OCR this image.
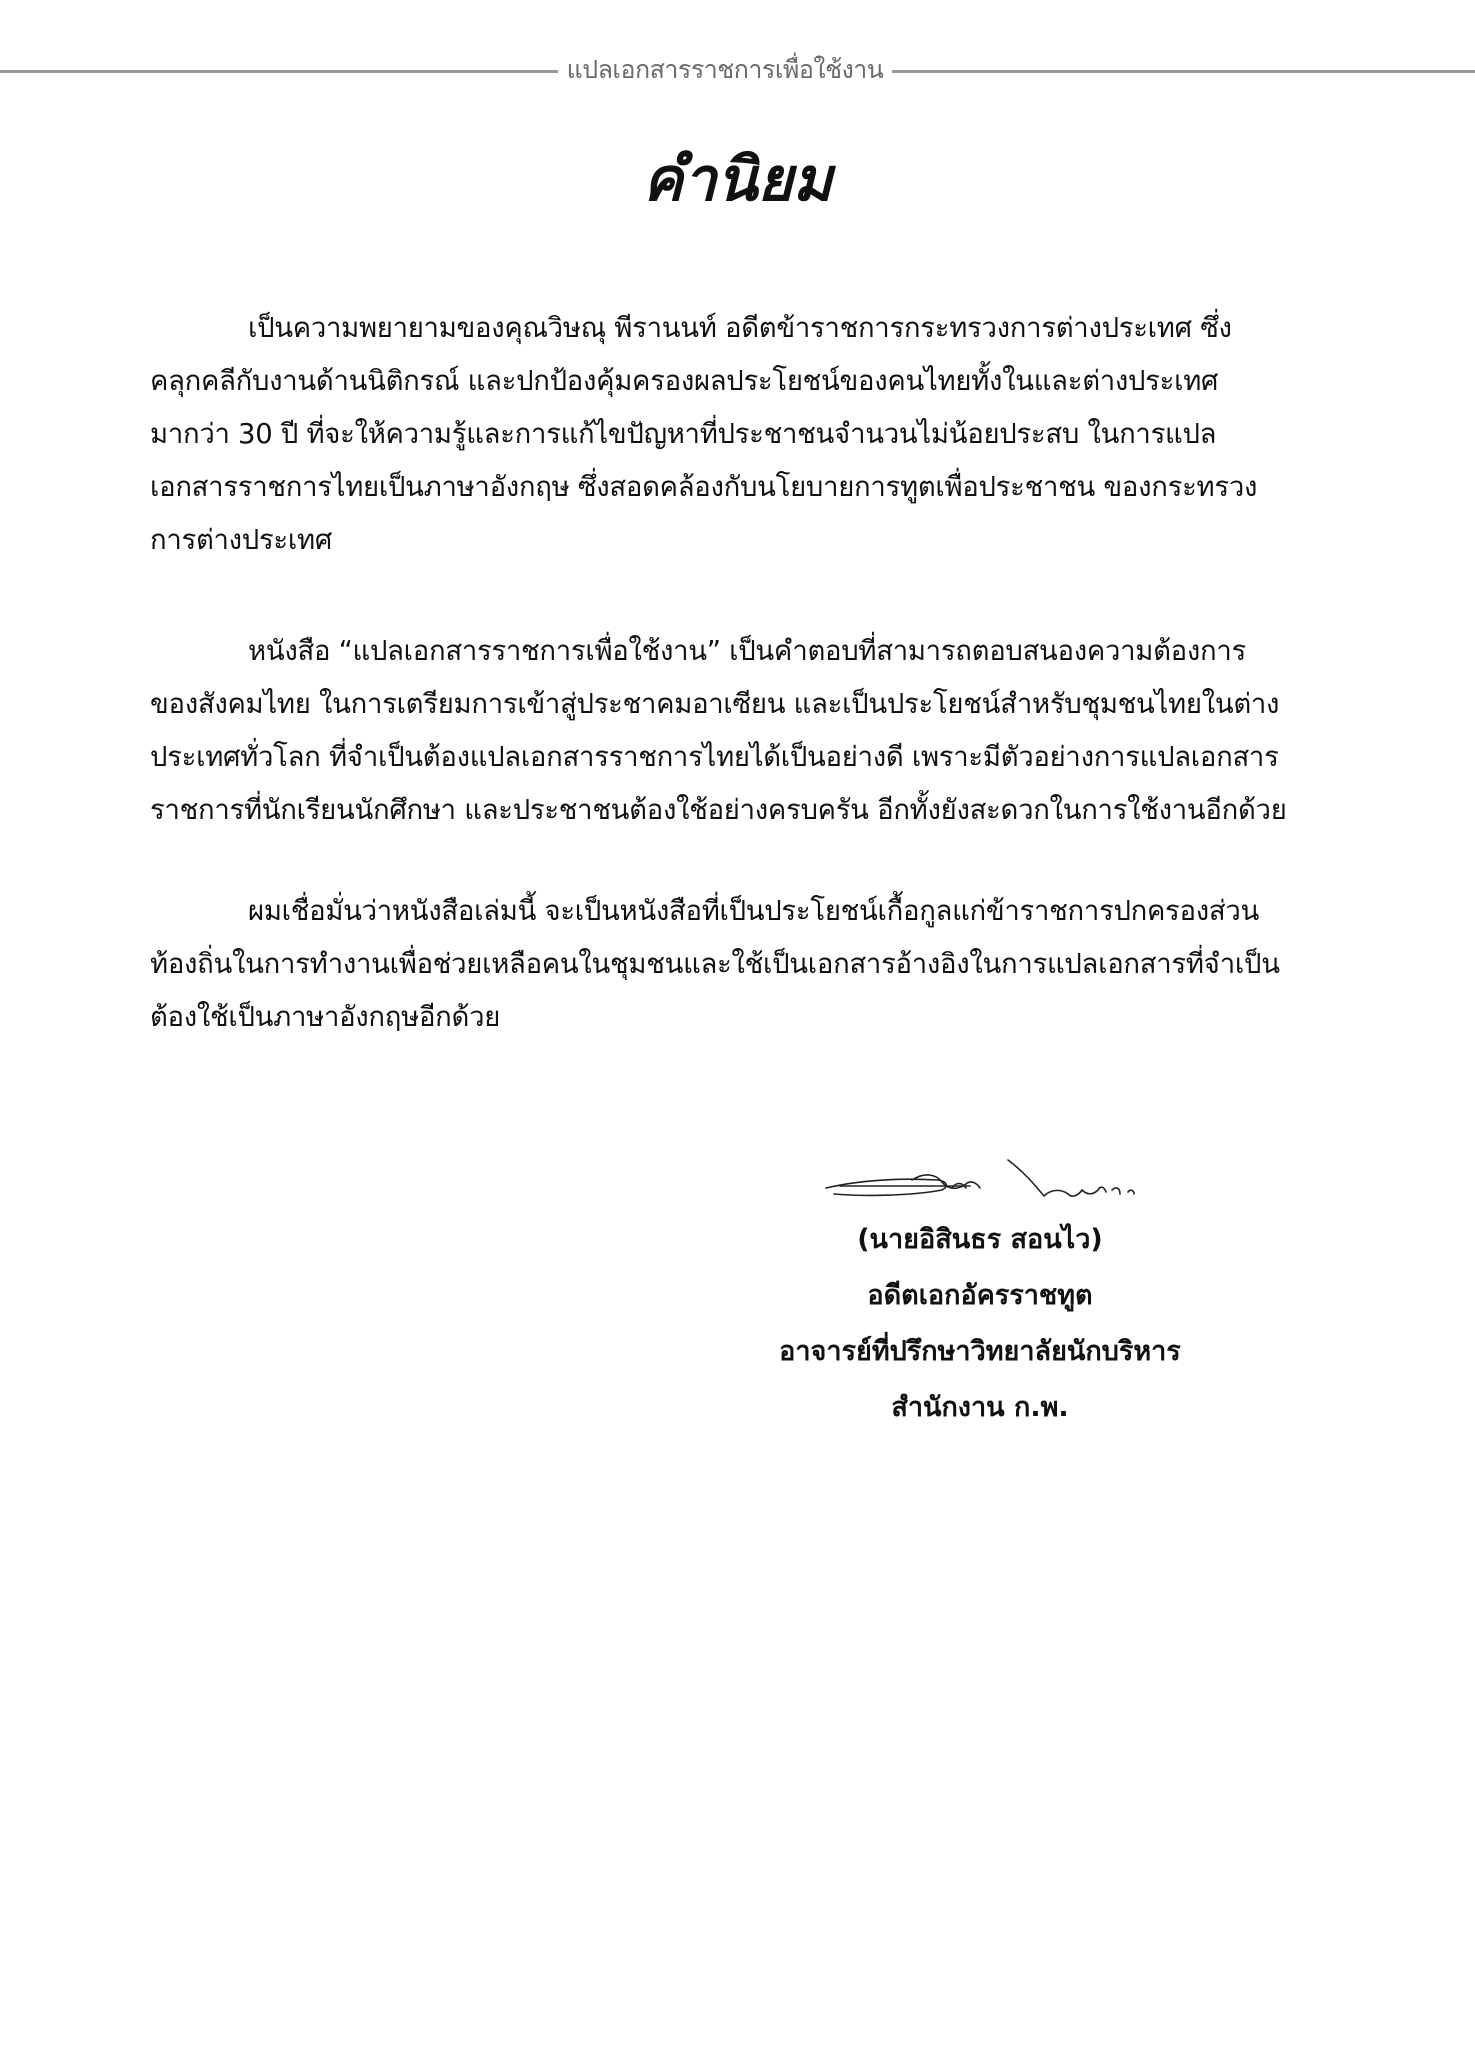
แปลเอกสารราชการเพื่อใช้งาน
คำนิยม
เป็นความพยายามของคุณวิษณุ พีรานนท์ อดีตข้าราชการกระทรวงการต่างประเทศ ซึ่ง
คลุกคลีกับงานด้านนิติกรณ์ และปกป้องคุ้มครองผลประโยชน์ของคนไทยทั้งในและต่างประเทศ
มากว่า 30 ปี ที่จะให้ความรู้และการแก้ไขปัญหาที่ประชาชนจำนวนไม่น้อยประสบ ในการแปล
เอกสารราชการไทยเป็นภาษาอังกฤษ ซึ่งสอดคล้องกับนโยบายการทูตเพื่อประชาชน ของกระทรวง
การต่างประเทศ
หนังสือ “แปลเอกสารราชการเพื่อใช้งาน” เป็นคำตอบที่สามารถตอบสนองความต้องการ
ของสังคมไทย ในการเตรียมการเข้าสู่ประชาคมอาเซียน และเป็นประโยชน์สำหรับชุมชนไทยในต่าง
ประเทศทั่วโลก ที่จำเป็นต้องแปลเอกสารราชการไทยได้เป็นอย่างดี เพราะมีตัวอย่างการแปลเอกสาร
ราชการที่นักเรียนนักศึกษา และประชาชนต้องใช้อย่างครบครัน อีกทั้งยังสะดวกในการใช้งานอีกด้วย
ผมเชื่อมั่นว่าหนังสือเล่มนี้ จะเป็นหนังสือที่เป็นประโยชน์เกื้อกูลแก่ข้าราชการปกครองส่วน
ท้องถิ่นในการทำงานเพื่อช่วยเหลือคนในชุมชนและใช้เป็นเอกสารอ้างอิงในการแปลเอกสารที่จำเป็น
ต้องใช้เป็นภาษาอังกฤษอีกด้วย
(นายอิสินธร สอนไว)
อดีตเอกอัครราชทูต
อาจารย์ที่ปรึกษาวิทยาลัยนักบริหาร
สำนักงาน ก.พ.
